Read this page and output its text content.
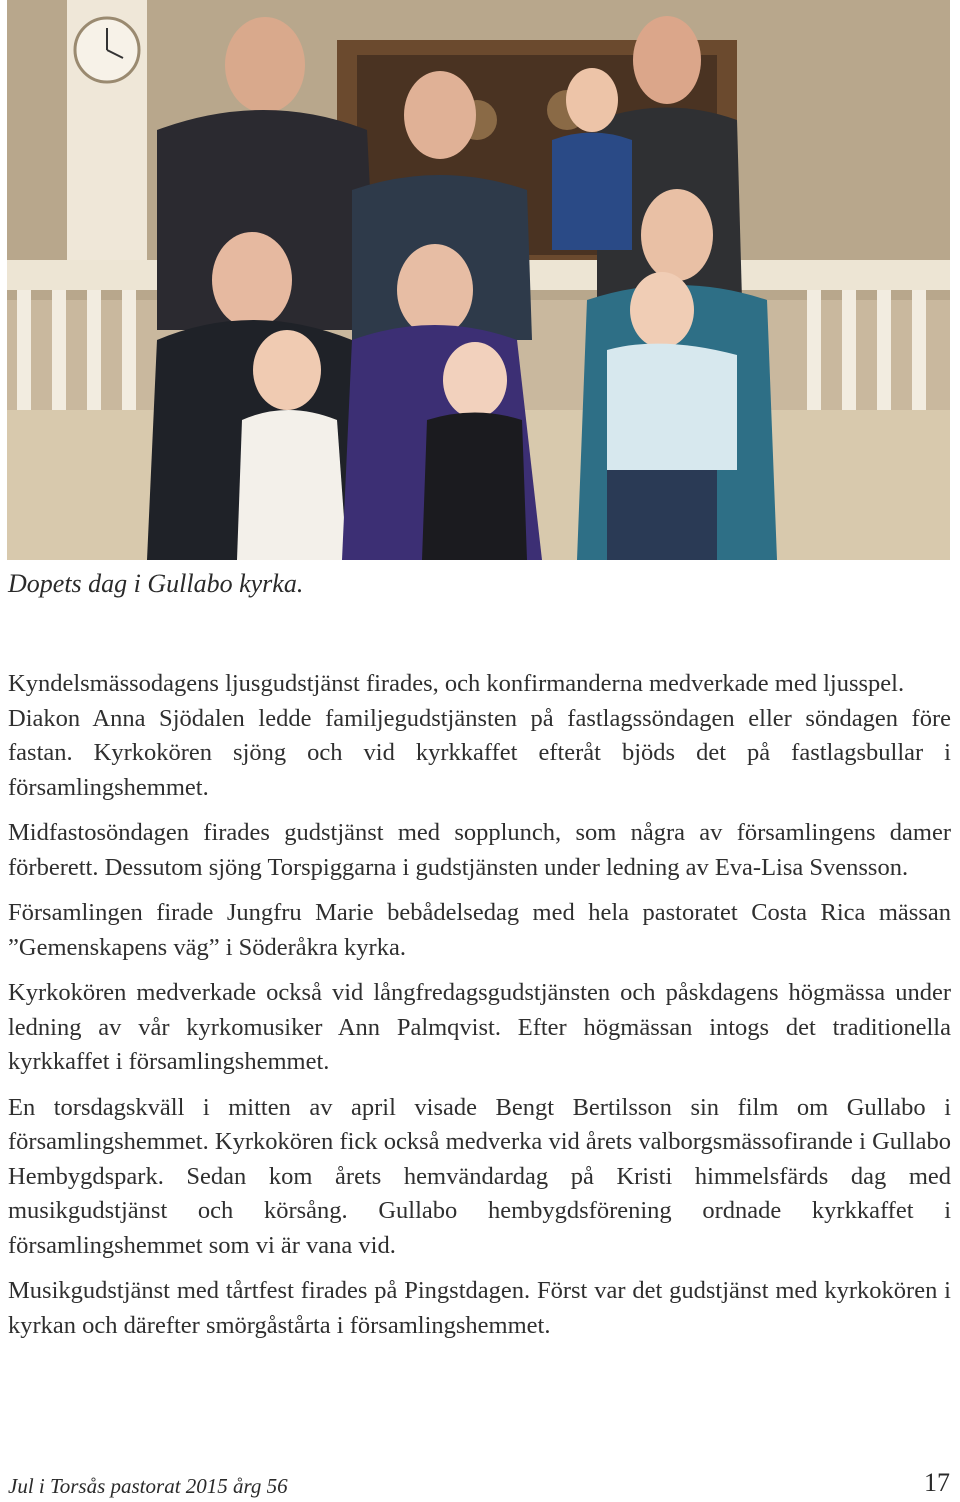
Dopets dag i Gullabo kyrka.

Kyndelsmässodagens ljusgudstjänst firades, och konfirmanderna medverkade med ljusspel.

Diakon Anna Sjödalen ledde familjegudstjänsten på fastlagssöndagen eller söndagen före fastan. Kyrkokören sjöng och vid kyrkkaffet efteråt bjöds det på fastlagsbullar i församlingshemmet.

Midfastosöndagen firades gudstjänst med sopplunch, som några av församlingens damer förberett. Dessutom sjöng Torspiggarna i gudstjänsten under ledning av Eva-Lisa Svensson.

Församlingen firade Jungfru Marie bebådelsedag med hela pastoratet Costa Rica mässan ”Gemenskapens väg” i Söderåkra kyrka.

Kyrkokören medverkade också vid långfredagsgudstjänsten och påskdagens högmässa under ledning av vår kyrkomusiker Ann Palmqvist. Efter högmässan intogs det traditionella kyrkkaffet i församlingshemmet.

En torsdagskväll i mitten av april visade Bengt Bertilsson sin film om Gullabo i församlingshemmet. Kyrkokören fick också medverka vid årets valborgsmässofirande i Gullabo Hembygdspark. Sedan kom årets hemvändardag på Kristi himmelsfärds dag med musikgudstjänst och körsång. Gullabo hembygdsförening ordnade kyrkkaffet i församlingshemmet som vi är vana vid.

Musikgudstjänst med tårtfest firades på Pingstdagen. Först var det gudstjänst med kyrkokören i kyrkan och därefter smörgåstårta i församlingshemmet.

Jul i Torsås pastorat 2015 årg 56	17
